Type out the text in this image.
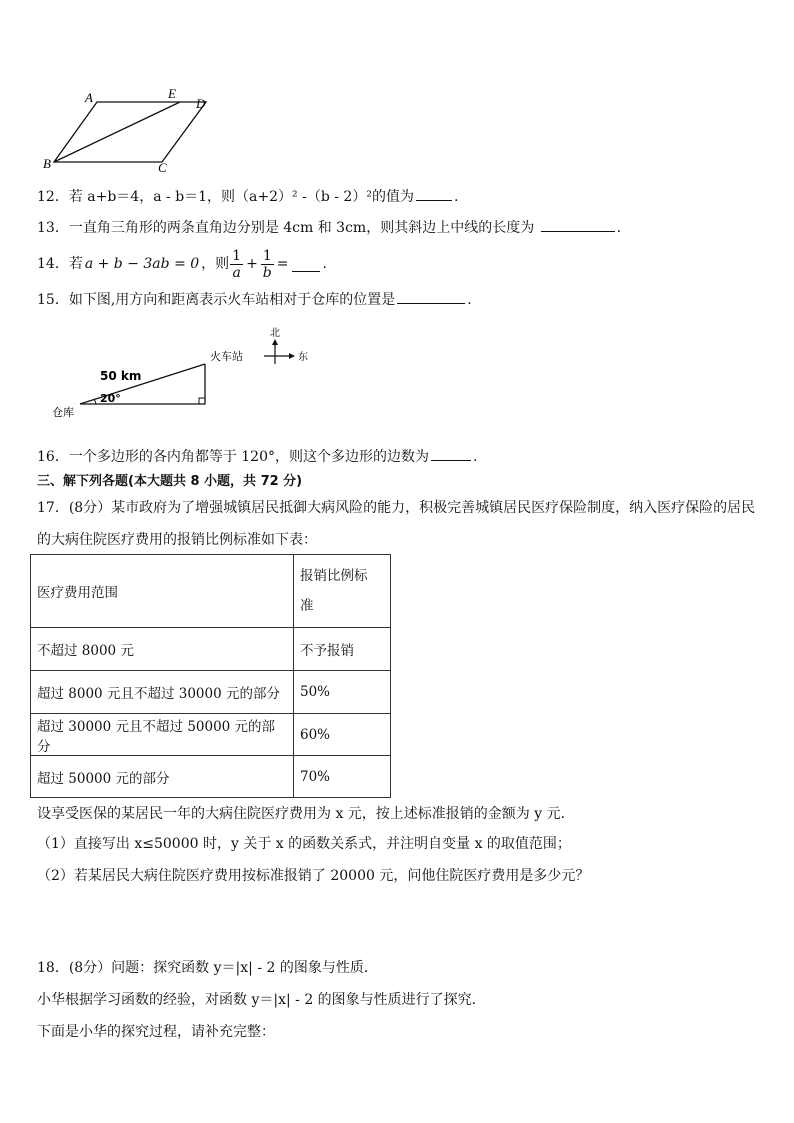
A	E
D
B	C
12．若 a+b＝4，a - b＝1，则（a+2）² -（b - 2）²的值为	.
13．一直角三角形的两条直角边分别是 4cm 和 3cm，则其斜边上中线的长度为	.
14．若 a + b − 3ab = 0 ，则 $\frac{1}{a} + \frac{1}{b}$ = .
15．如下图,用方向和距离表示火车站相对于仓库的位置是	.
50 km
20°
仓库
火车站
北
东
16．一个多边形的各内角都等于 120°，则这个多边形的边数为	.
三、解下列各题(本大题共 8 小题，共 72 分)
17．(8分）某市政府为了增强城镇居民抵御大病风险的能力，积极完善城镇居民医疗保险制度，纳入医疗保险的居民
的大病住院医疗费用的报销比例标准如下表：
医疗费用范围	报销比例标
准

不超过 8000 元	不予报销
超过 8000 元且不超过 30000 元的部分	50%
超过 30000 元且不超过 50000 元的部分	60%
超过 50000 元的部分	70%
设享受医保的某居民一年的大病住院医疗费用为 x 元，按上述标准报销的金额为 y 元．
（1）直接写出 x≤50000 时，y 关于 x 的函数关系式，并注明自变量 x 的取值范围；
（2）若某居民大病住院医疗费用按标准报销了 20000 元，问他住院医疗费用是多少元？
18．(8分）问题：探究函数 y＝|x| - 2 的图象与性质．
小华根据学习函数的经验，对函数 y＝|x| - 2 的图象与性质进行了探究．
下面是小华的探究过程，请补充完整：
